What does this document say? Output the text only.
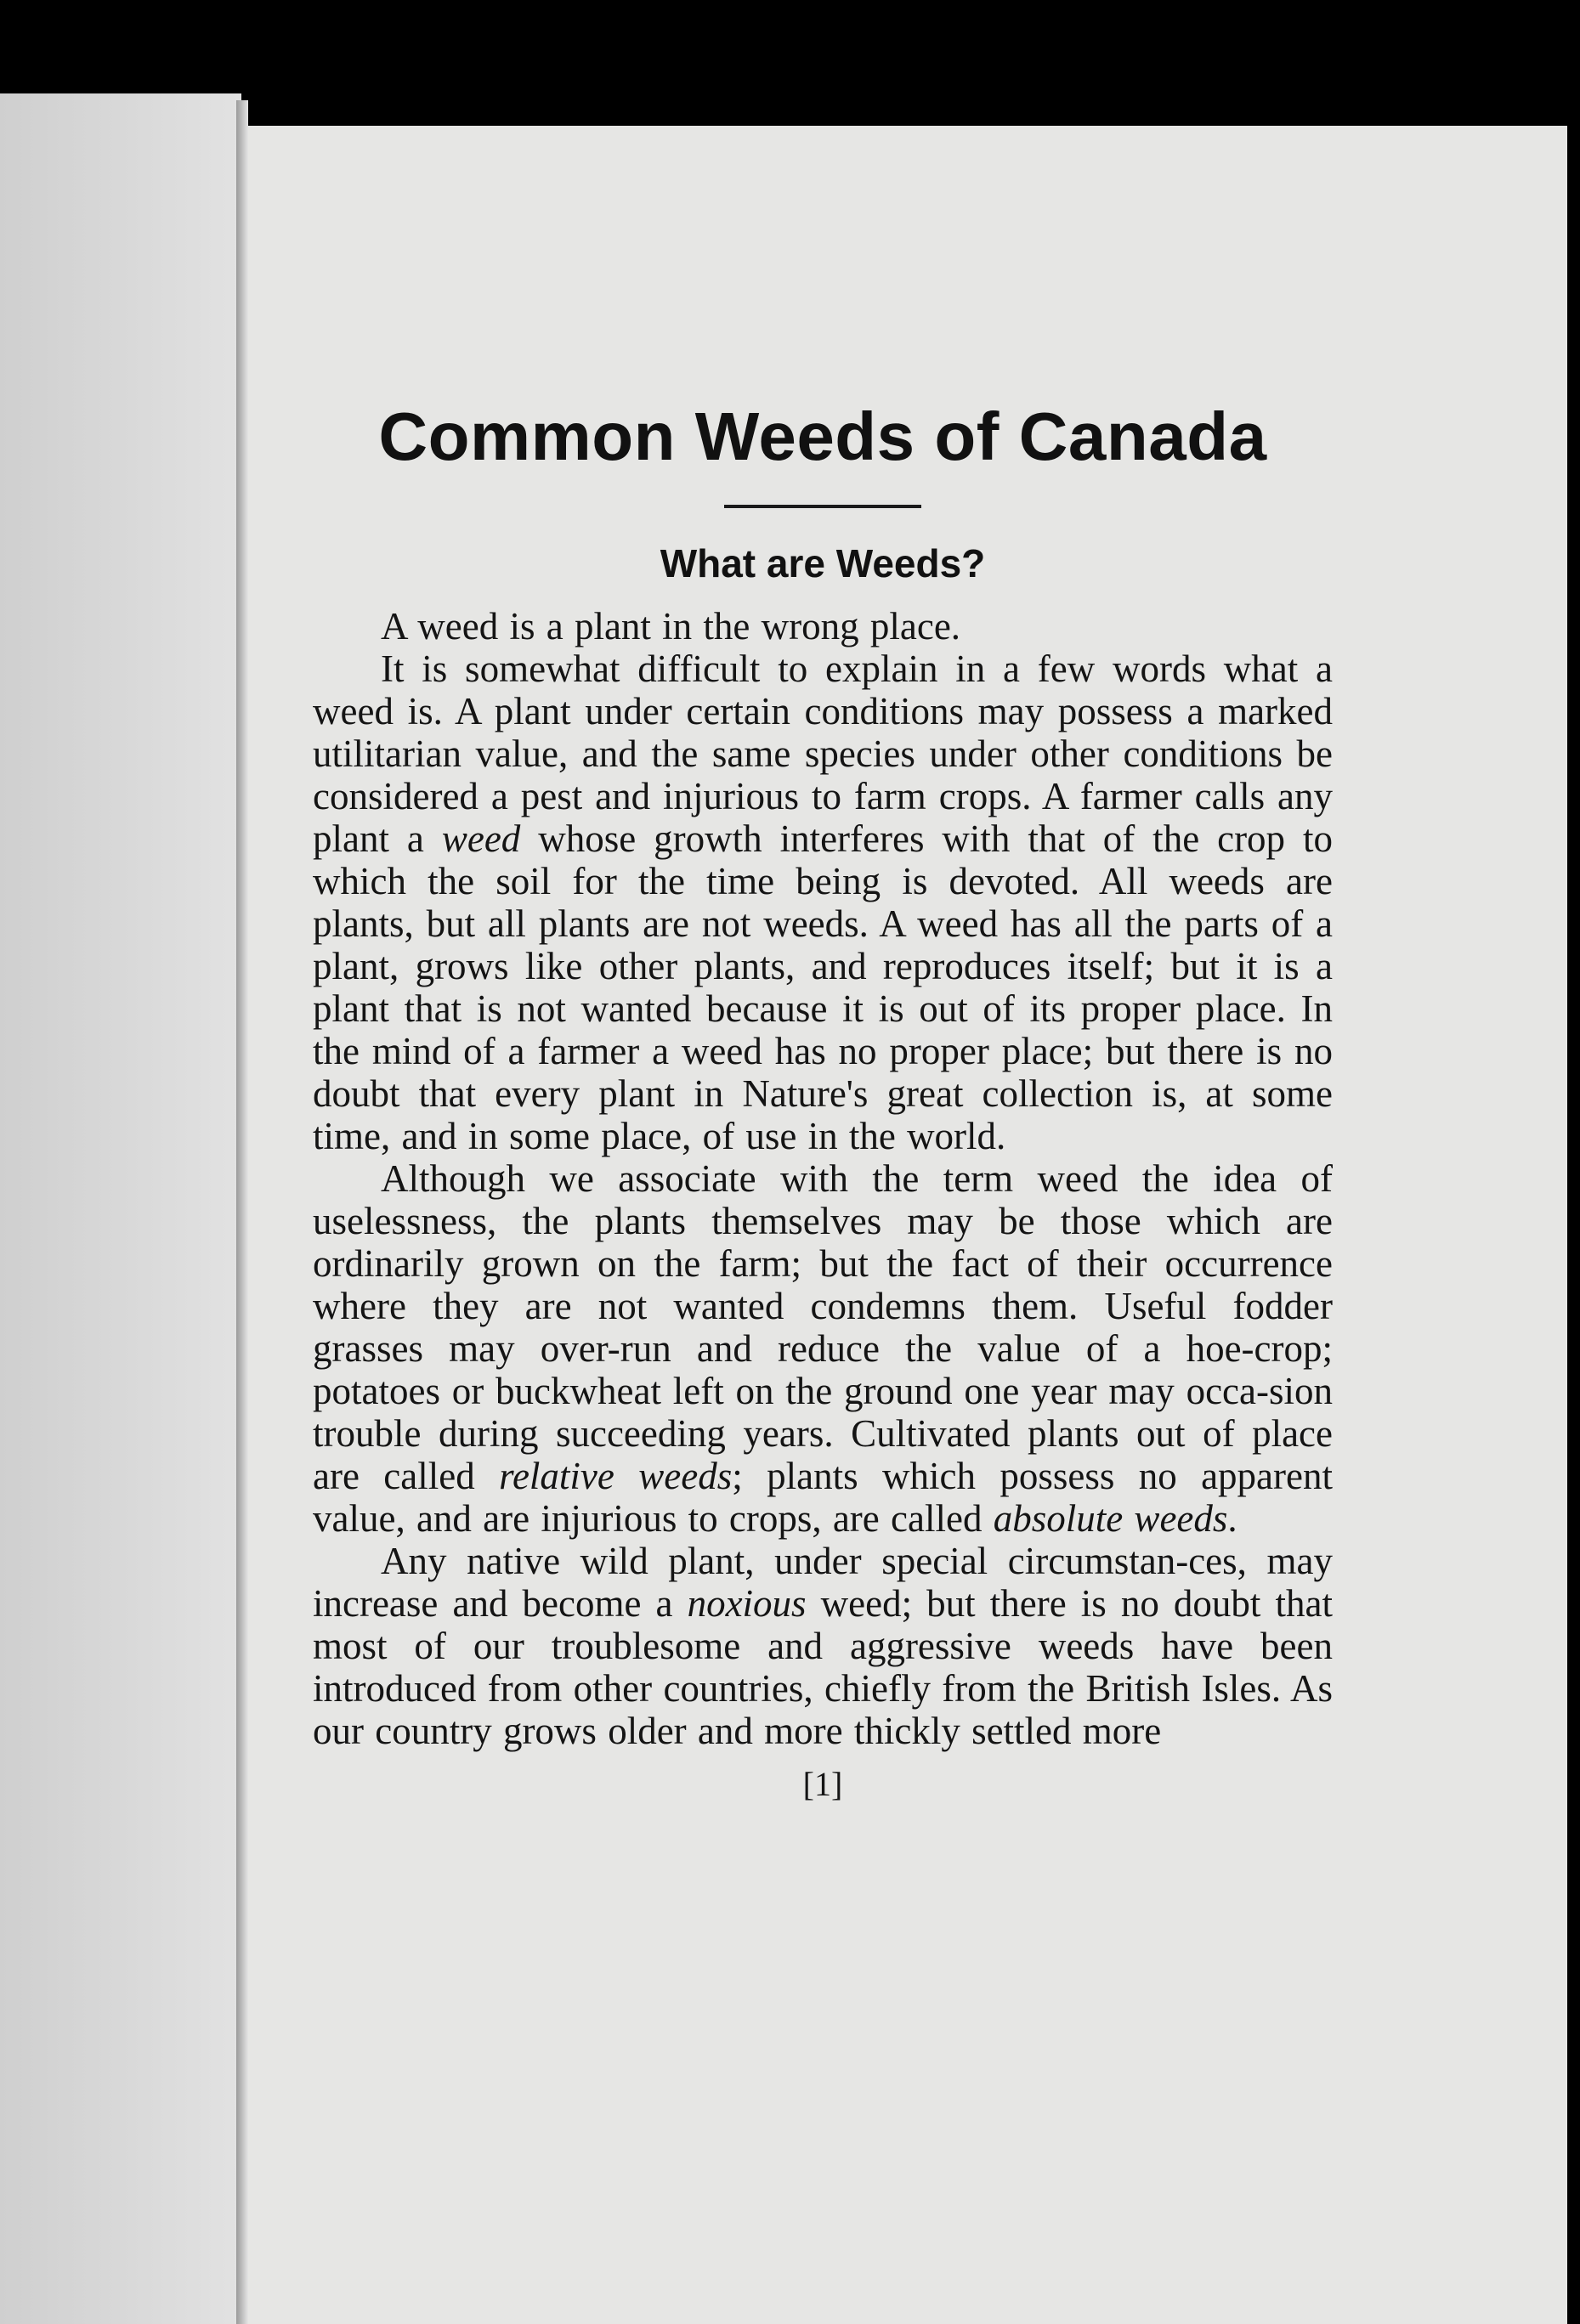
Common Weeds of Canada
What are Weeds?

A weed is a plant in the wrong place.

It is somewhat difficult to explain in a few words what a weed is. A plant under certain conditions may possess a marked utilitarian value, and the same species under other conditions be considered a pest and injurious to farm crops. A farmer calls any plant a weed whose growth interferes with that of the crop to which the soil for the time being is devoted. All weeds are plants, but all plants are not weeds. A weed has all the parts of a plant, grows like other plants, and reproduces itself; but it is a plant that is not wanted because it is out of its proper place. In the mind of a farmer a weed has no proper place; but there is no doubt that every plant in Nature's great collection is, at some time, and in some place, of use in the world.

Although we associate with the term weed the idea of uselessness, the plants themselves may be those which are ordinarily grown on the farm; but the fact of their occurrence where they are not wanted condemns them. Useful fodder grasses may over-run and reduce the value of a hoe-crop; potatoes or buckwheat left on the ground one year may occa-sion trouble during succeeding years. Cultivated plants out of place are called relative weeds; plants which possess no apparent value, and are injurious to crops, are called absolute weeds.

Any native wild plant, under special circumstan-ces, may increase and become a noxious weed; but there is no doubt that most of our troublesome and aggressive weeds have been introduced from other countries, chiefly from the British Isles. As our country grows older and more thickly settled more

[1]
